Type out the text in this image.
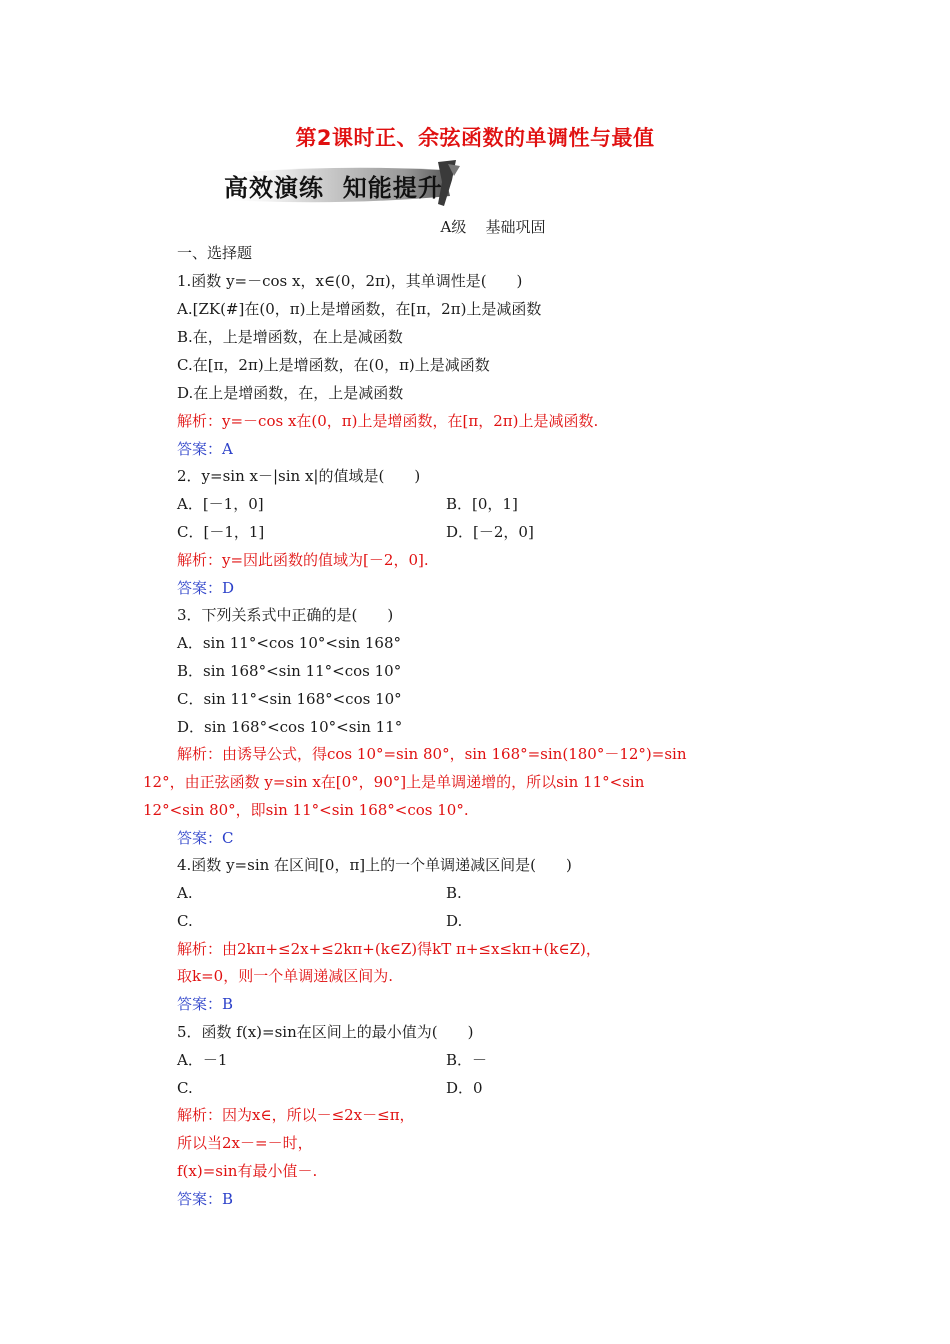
第2课时正、余弦函数的单调性与最值
高效演练  知能提升
A级    基础巩固
一、选择题
1.函数 y=－cos x，x∈(0，2π)，其单调性是(　　)
A.[ZK(#]在(0，π)上是增函数，在[π，2π)上是减函数
B.在，上是增函数，在上是减函数
C.在[π，2π)上是增函数，在(0，π)上是减函数
D.在上是增函数，在，上是减函数
解析：y=－cos x在(0，π)上是增函数，在[π，2π)上是减函数.
答案：A
2．y=sin x－|sin x|的值域是(　　)
A．[－1，0]	B．[0，1]
C．[－1，1]	D．[－2，0]
解析：y=因此函数的值域为[－2，0].
答案：D
3．下列关系式中正确的是(　　)
A．sin 11°<cos 10°<sin 168°
B．sin 168°<sin 11°<cos 10°
C．sin 11°<sin 168°<cos 10°
D．sin 168°<cos 10°<sin 11°
解析：由诱导公式，得cos 10°=sin 80°，sin 168°=sin(180°－12°)=sin
12°，由正弦函数 y=sin x在[0°，90°]上是单调递增的，所以sin 11°<sin
12°<sin 80°，即sin 11°<sin 168°<cos 10°.
答案：C
4.函数 y=sin 在区间[0，π]上的一个单调递减区间是(　　)
A.	B.
C.	D.
解析：由2kπ+≤2x+≤2kπ+(k∈Z)得kT π+≤x≤kπ+(k∈Z)，
取k=0，则一个单调递减区间为.
答案：B
5．函数 f(x)=sin在区间上的最小值为(　　)
A．－1	B．－
C.	D．0
解析：因为x∈，所以－≤2x－≤π，
所以当2x－=－时，
f(x)=sin有最小值－.
答案：B
